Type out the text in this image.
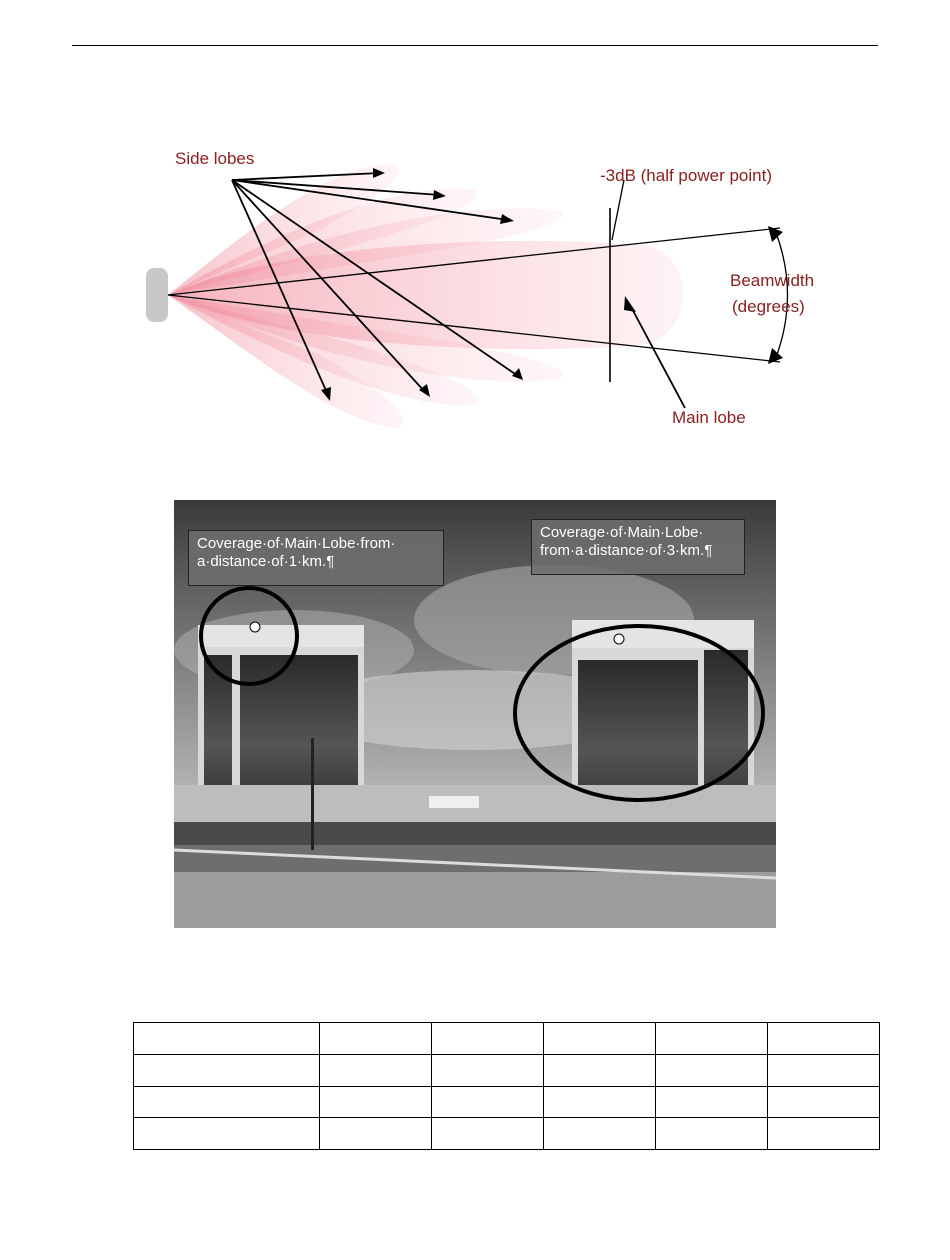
Side lobes
-3dB (half power point)
Beamwidth
(degrees)
Main lobe
Coverage·of·Main·Lobe·from·
a·distance·of·1·km.¶
Coverage·of·Main·Lobe·
from·a·distance·of·3·km.¶
